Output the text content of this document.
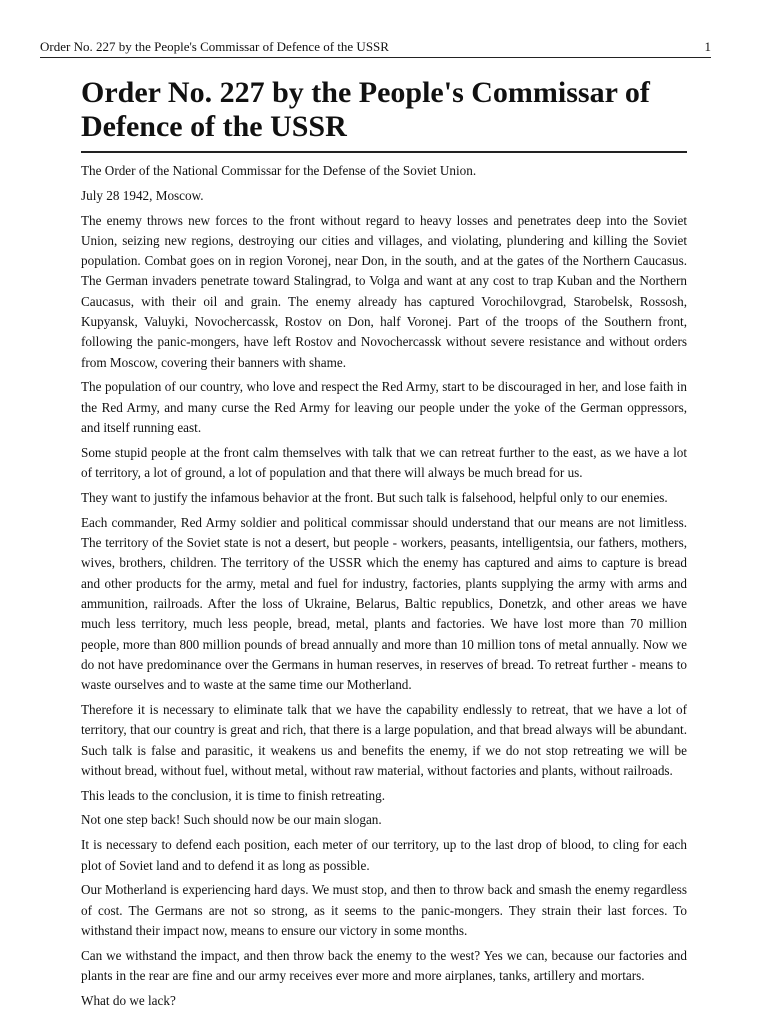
Order No. 227 by the People's Commissar of Defence of the USSR	1
Order No. 227 by the People's Commissar of Defence of the USSR

The Order of the National Commissar for the Defense of the Soviet Union.

July 28 1942, Moscow.

The enemy throws new forces to the front without regard to heavy losses and penetrates deep into the Soviet Union, seizing new regions, destroying our cities and villages, and violating, plundering and killing the Soviet population. Combat goes on in region Voronej, near Don, in the south, and at the gates of the Northern Caucasus. The German invaders penetrate toward Stalingrad, to Volga and want at any cost to trap Kuban and the Northern Caucasus, with their oil and grain. The enemy already has captured Vorochilovgrad, Starobelsk, Rossosh, Kupyansk, Valuyki, Novochercassk, Rostov on Don, half Voronej. Part of the troops of the Southern front, following the panic-mongers, have left Rostov and Novochercassk without severe resistance and without orders from Moscow, covering their banners with shame.

The population of our country, who love and respect the Red Army, start to be discouraged in her, and lose faith in the Red Army, and many curse the Red Army for leaving our people under the yoke of the German oppressors, and itself running east.

Some stupid people at the front calm themselves with talk that we can retreat further to the east, as we have a lot of territory, a lot of ground, a lot of population and that there will always be much bread for us.

They want to justify the infamous behavior at the front. But such talk is falsehood, helpful only to our enemies.

Each commander, Red Army soldier and political commissar should understand that our means are not limitless. The territory of the Soviet state is not a desert, but people - workers, peasants, intelligentsia, our fathers, mothers, wives, brothers, children. The territory of the USSR which the enemy has captured and aims to capture is bread and other products for the army, metal and fuel for industry, factories, plants supplying the army with arms and ammunition, railroads. After the loss of Ukraine, Belarus, Baltic republics, Donetzk, and other areas we have much less territory, much less people, bread, metal, plants and factories. We have lost more than 70 million people, more than 800 million pounds of bread annually and more than 10 million tons of metal annually. Now we do not have predominance over the Germans in human reserves, in reserves of bread. To retreat further - means to waste ourselves and to waste at the same time our Motherland.

Therefore it is necessary to eliminate talk that we have the capability endlessly to retreat, that we have a lot of territory, that our country is great and rich, that there is a large population, and that bread always will be abundant. Such talk is false and parasitic, it weakens us and benefits the enemy, if we do not stop retreating we will be without bread, without fuel, without metal, without raw material, without factories and plants, without railroads.

This leads to the conclusion, it is time to finish retreating.

Not one step back! Such should now be our main slogan.

It is necessary to defend each position, each meter of our territory, up to the last drop of blood, to cling for each plot of Soviet land and to defend it as long as possible.

Our Motherland is experiencing hard days. We must stop, and then to throw back and smash the enemy regardless of cost. The Germans are not so strong, as it seems to the panic-mongers. They strain their last forces. To withstand their impact now, means to ensure our victory in some months.

Can we withstand the impact, and then throw back the enemy to the west? Yes we can, because our factories and plants in the rear are fine and our army receives ever more and more airplanes, tanks, artillery and mortars.

What do we lack?
